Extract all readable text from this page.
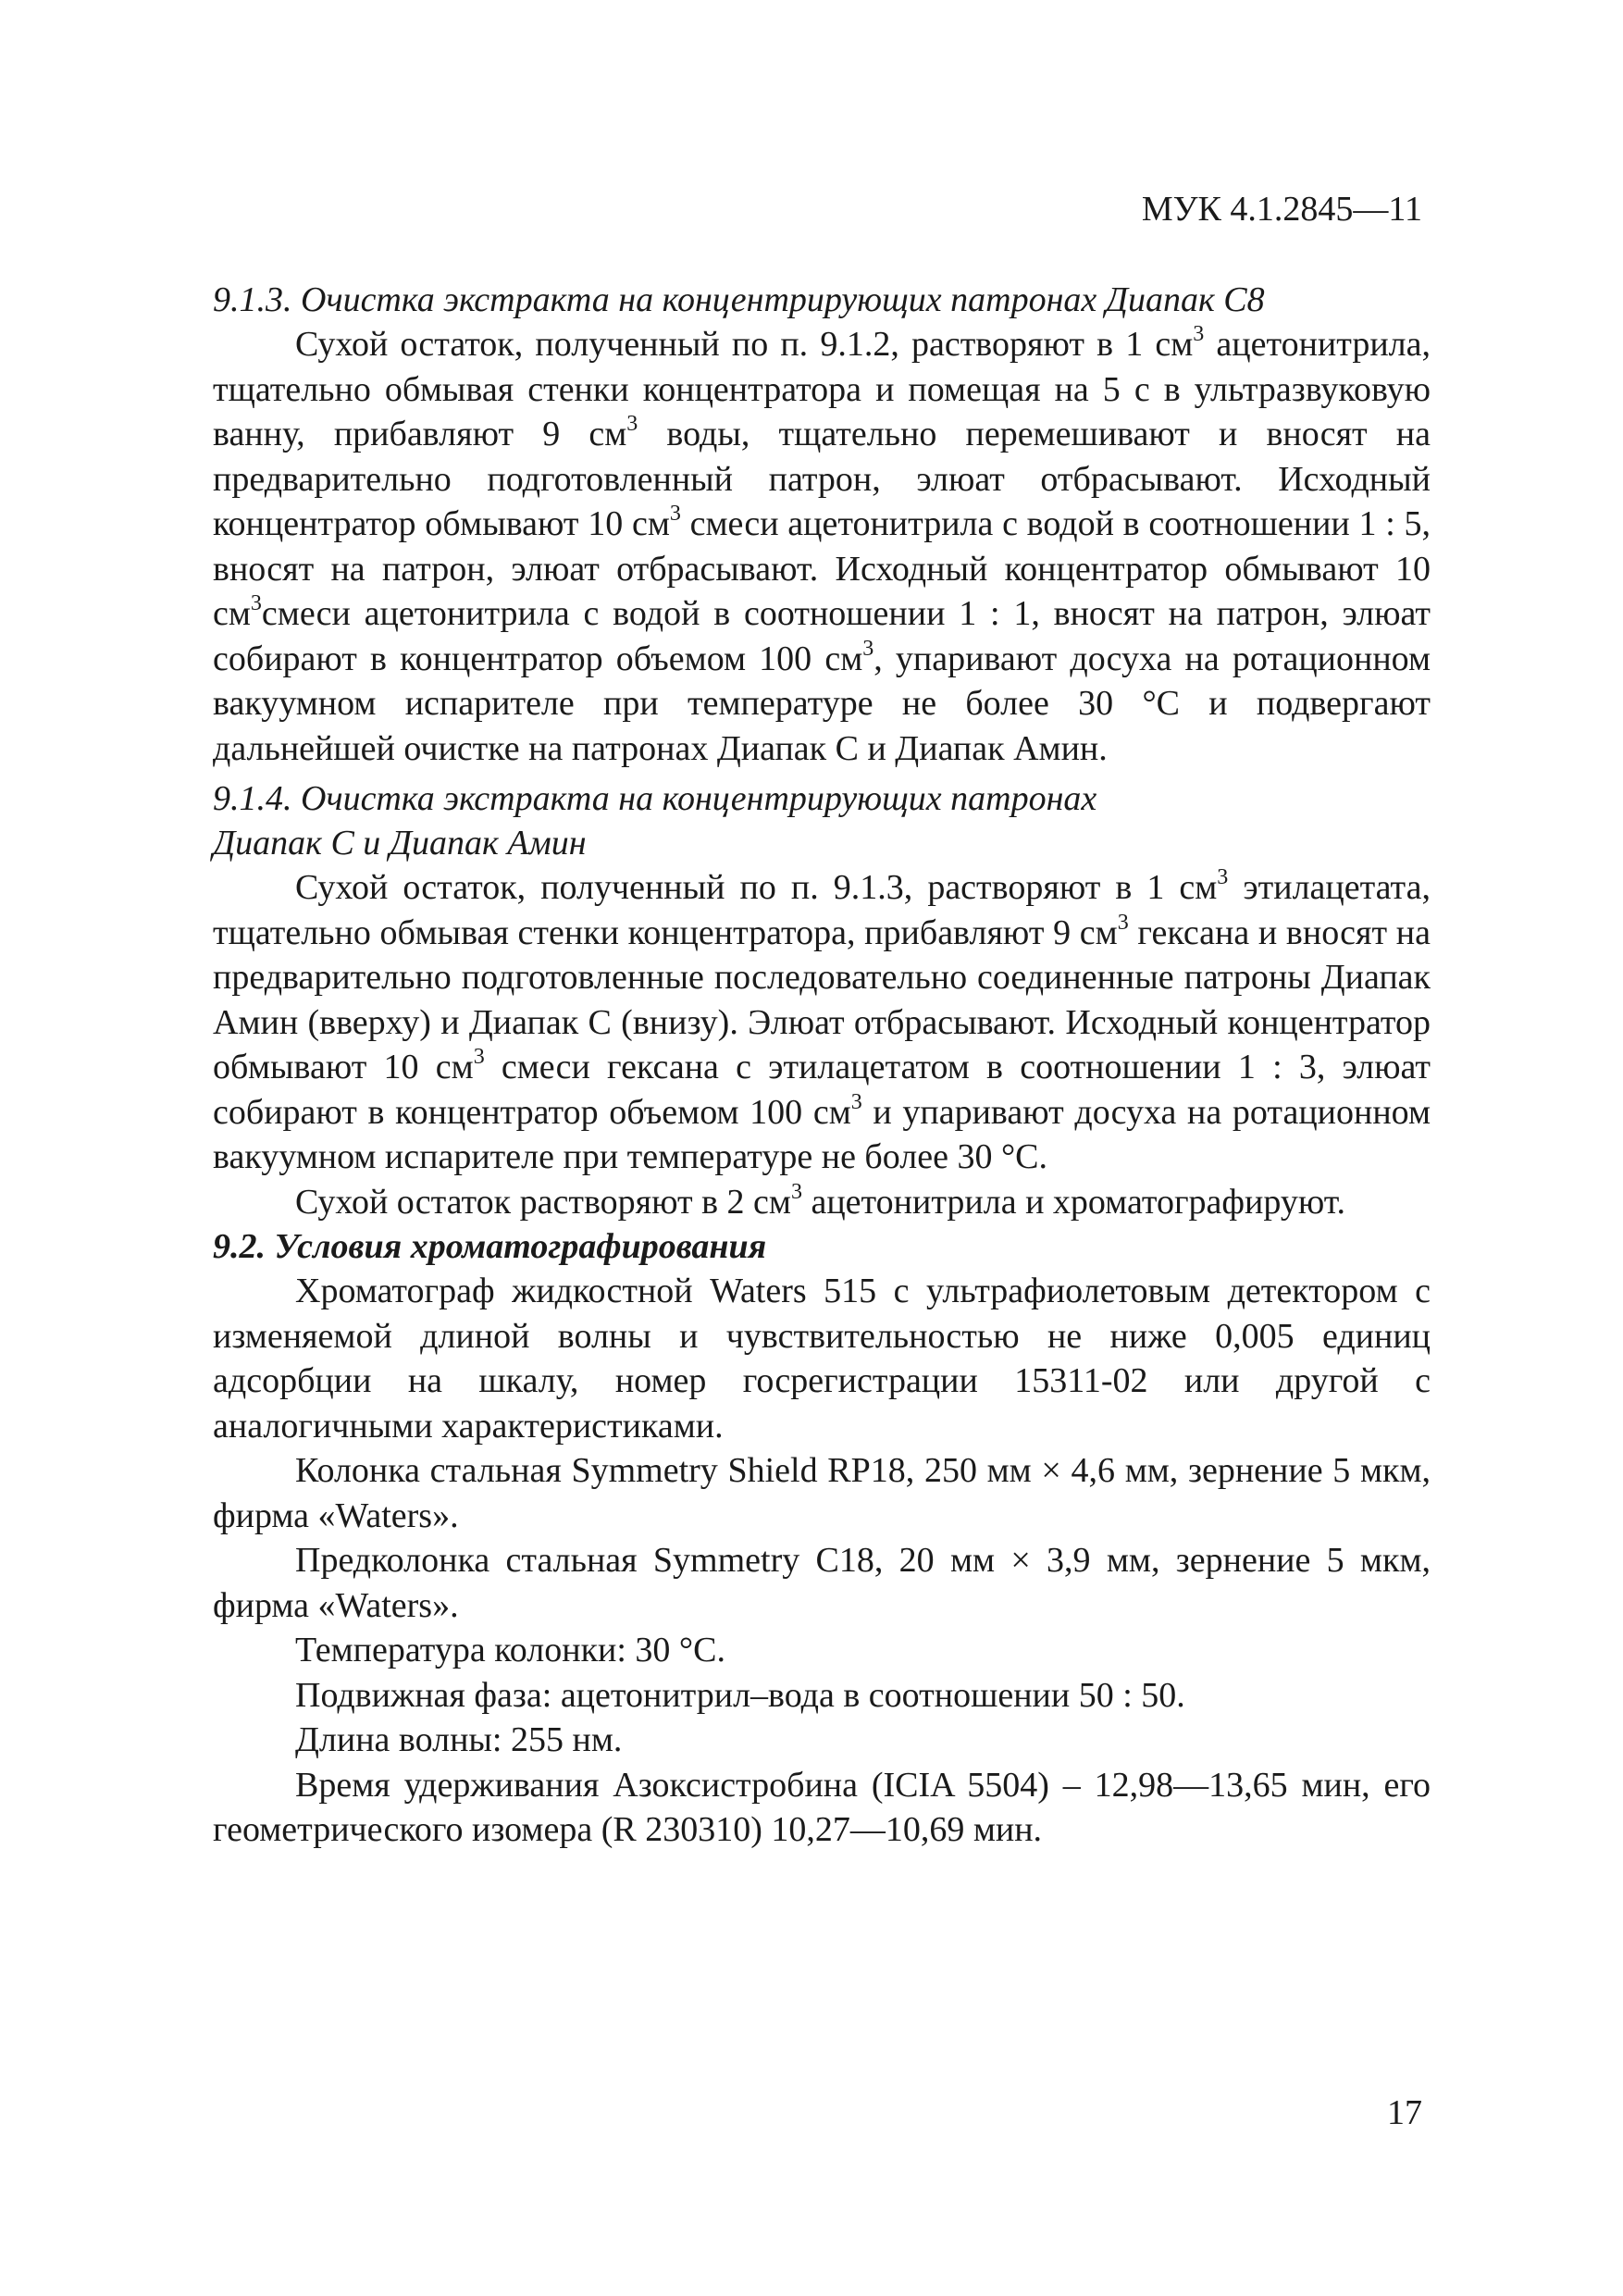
МУК 4.1.2845—11

9.1.3. Очистка экстракта на концентрирующих патронах Диапак С8

Сухой остаток, полученный по п. 9.1.2, растворяют в 1 $см^3$ ацетонитрила, тщательно обмывая стенки концентратора и помещая на 5 с в ультразвуковую ванну, прибавляют 9 $см^3$ воды, тщательно перемешивают и вносят на предварительно подготовленный патрон, элюат отбрасывают. Исходный концентратор обмывают 10 $см^3$ смеси ацетонитрила с водой в соотношении 1 : 5, вносят на патрон, элюат отбрасывают. Исходный концентратор обмывают 10 $см^3смеси$ ацетонитрила с водой в соотношении 1 : 1, вносят на патрон, элюат собирают в концентратор объемом 100 $см^3$, упаривают досуха на ротационном вакуумном испарителе при температуре не более 30 °С и подвергают дальнейшей очистке на патронах Диапак С и Диапак Амин.

9.1.4. Очистка экстракта на концентрирующих патронах
Диапак С и Диапак Амин

Сухой остаток, полученный по п. 9.1.3, растворяют в 1 $см^3$ этилацетата, тщательно обмывая стенки концентратора, прибавляют 9 $см^3$ гексана и вносят на предварительно подготовленные последовательно соединенные патроны Диапак Амин (вверху) и Диапак С (внизу). Элюат отбрасывают. Исходный концентратор обмывают 10 $см^3$ смеси гексана с этилацетатом в соотношении 1 : 3, элюат собирают в концентратор объемом 100 $см^3$ и упаривают досуха на ротационном вакуумном испарителе при температуре не более 30 °С.

Сухой остаток растворяют в 2 $см^3$ ацетонитрила и хроматографируют.

9.2. Условия хроматографирования

Хроматограф жидкостной Waters 515 с ультрафиолетовым детектором с изменяемой длиной волны и чувствительностью не ниже 0,005 единиц адсорбции на шкалу, номер госрегистрации 15311-02 или другой с аналогичными характеристиками.

Колонка стальная Symmetry Shield RP18, 250 мм × 4,6 мм, зернение 5 мкм, фирма «Waters».

Предколонка стальная Symmetry С18, 20 мм × 3,9 мм, зернение 5 мкм, фирма «Waters».

Температура колонки: 30 °С.

Подвижная фаза: ацетонитрил–вода в соотношении 50 : 50.

Длина волны: 255 нм.

Время удерживания Азоксистробина (ICIA 5504) – 12,98—13,65 мин, его геометрического изомера (R 230310) 10,27—10,69 мин.

17
